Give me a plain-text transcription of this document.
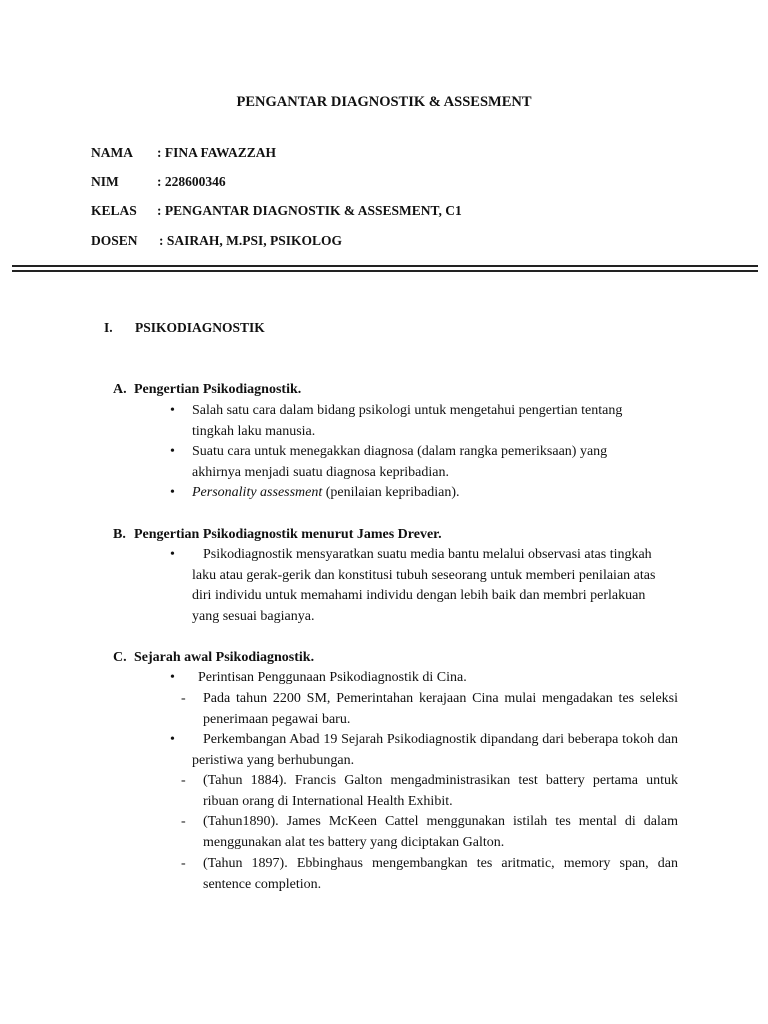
PENGANTAR DIAGNOSTIK & ASSESMENT
NAMA : FINA FAWAZZAH
NIM	: 228600346
KELAS : PENGANTAR DIAGNOSTIK & ASSESMENT, C1
DOSEN : SAIRAH, M.PSI, PSIKOLOG
I. PSIKODIAGNOSTIK
A. Pengertian Psikodiagnostik.
• Salah satu cara dalam bidang psikologi untuk mengetahui pengertian tentang tingkah laku manusia.
• Suatu cara untuk menegakkan diagnosa (dalam rangka pemeriksaan) yang akhirnya menjadi suatu diagnosa kepribadian.
• Personality assessment (penilaian kepribadian).
B. Pengertian Psikodiagnostik menurut James Drever.
•	Psikodiagnostik mensyaratkan suatu media bantu melalui observasi atas tingkah laku atau gerak-gerik dan konstitusi tubuh seseorang untuk memberi penilaian atas diri individu untuk memahami individu dengan lebih baik dan membri perlakuan yang sesuai bagianya.
C. Sejarah awal Psikodiagnostik.
• Perintisan Penggunaan Psikodiagnostik di Cina.
- Pada tahun 2200 SM, Pemerintahan kerajaan Cina mulai mengadakan tes seleksi penerimaan pegawai baru.
•	Perkembangan Abad 19 Sejarah Psikodiagnostik dipandang dari beberapa tokoh dan peristiwa yang berhubungan.
- (Tahun 1884). Francis Galton mengadministrasikan test battery pertama untuk ribuan orang di International Health Exhibit.
- (Tahun1890). James McKeen Cattel menggunakan istilah tes mental di dalam menggunakan alat tes battery yang diciptakan Galton.
- (Tahun 1897). Ebbinghaus mengembangkan tes aritmatic, memory span, dan sentence completion.
